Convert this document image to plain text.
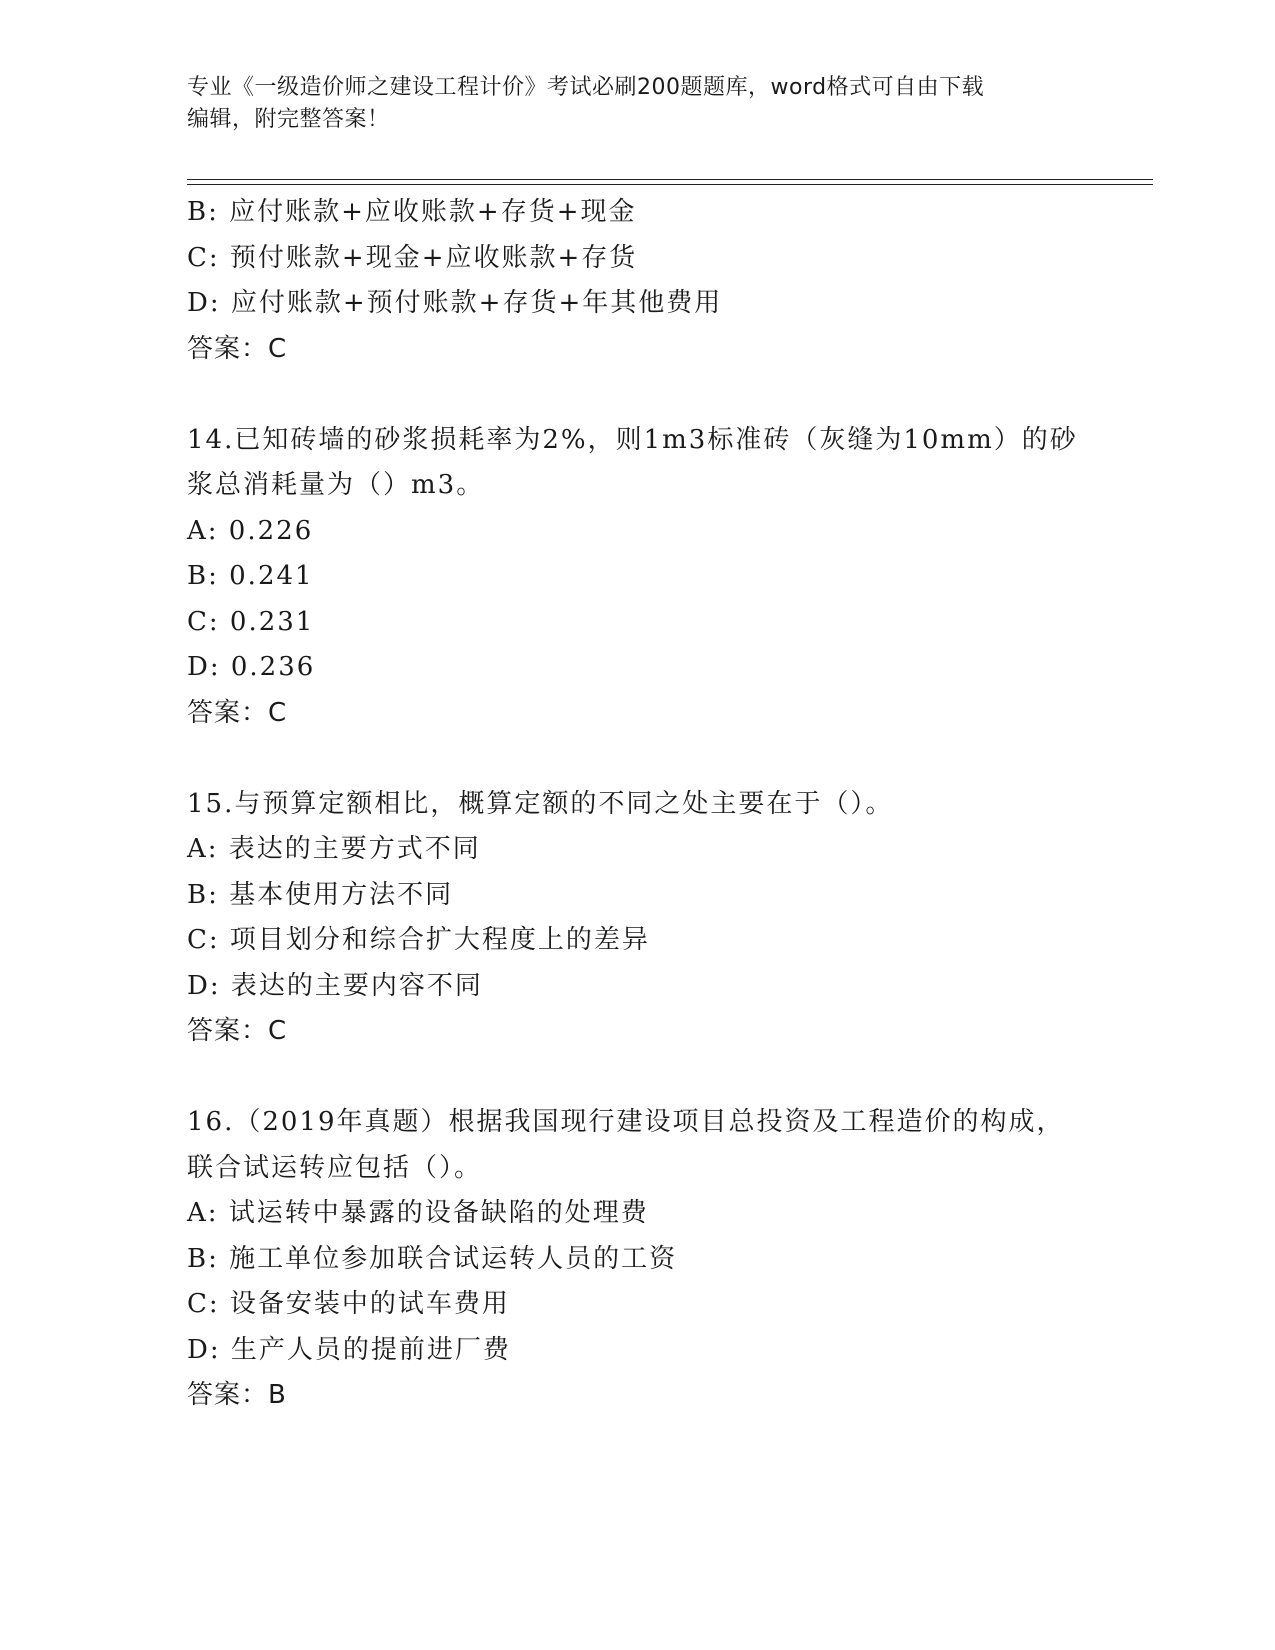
专业《一级造价师之建设工程计价》考试必刷200题题库，word格式可自由下载
编辑，附完整答案！
B: 应付账款+应收账款+存货+现金
C: 预付账款+现金+应收账款+存货
D: 应付账款+预付账款+存货+年其他费用
答案：C
14.已知砖墙的砂浆损耗率为2%，则1m3标准砖（灰缝为10mm）的砂
浆总消耗量为（）m3。
A: 0.226
B: 0.241
C: 0.231
D: 0.236
答案：C
15.与预算定额相比，概算定额的不同之处主要在于（）。
A: 表达的主要方式不同
B: 基本使用方法不同
C: 项目划分和综合扩大程度上的差异
D: 表达的主要内容不同
答案：C
16.（2019年真题）根据我国现行建设项目总投资及工程造价的构成，
联合试运转应包括（）。
A: 试运转中暴露的设备缺陷的处理费
B: 施工单位参加联合试运转人员的工资
C: 设备安装中的试车费用
D: 生产人员的提前进厂费
答案：B
